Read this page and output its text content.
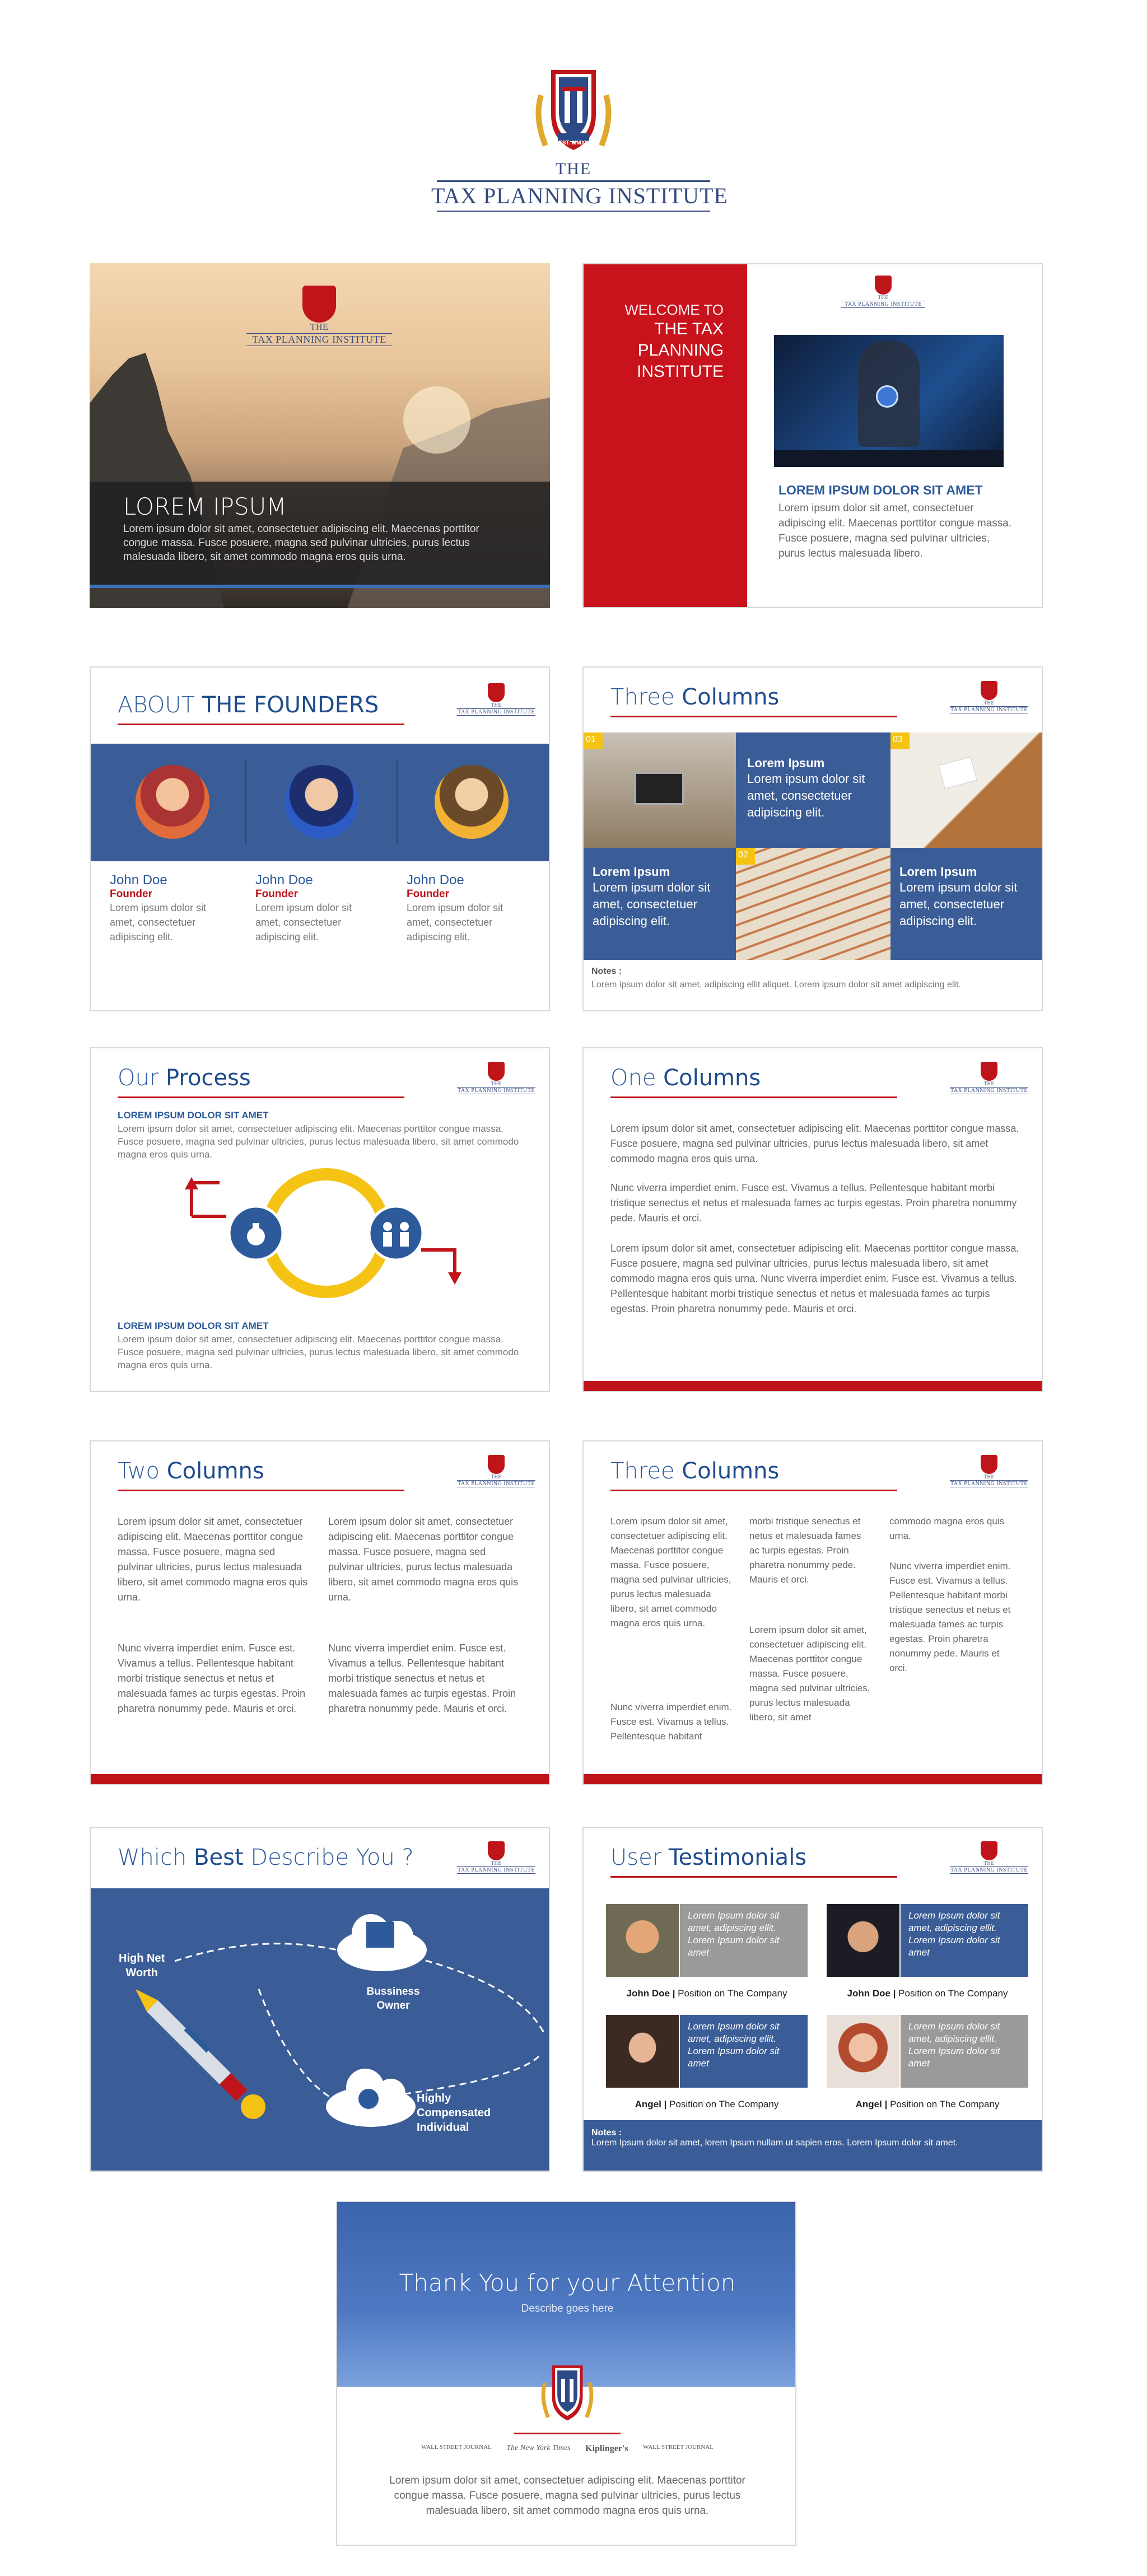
EST. MMXV
THE
TAX PLANNING INSTITUTE
THE
TAX PLANNING INSTITUTE
LOREM IPSUM

Lorem ipsum dolor sit amet, consectetuer adipiscing elit. Maecenas porttitor congue massa. Fusce posuere, magna sed pulvinar ultricies, purus lectus malesuada libero, sit amet commodo magna eros quis urna.

WELCOME TO
THE TAX
PLANNING
INSTITUTE
THE
TAX PLANNING INSTITUTE
LOREM IPSUM DOLOR SIT AMET

Lorem ipsum dolor sit amet, consectetuer adipiscing elit. Maecenas porttitor congue massa. Fusce posuere, magna sed pulvinar ultricies, purus lectus malesuada libero.

ABOUT THE FOUNDERS	THE
TAX PLANNING INSTITUTE
John Doe
Founder
Lorem ipsum dolor sit amet, consectetuer adipiscing elit.
John Doe
Founder
Lorem ipsum dolor sit amet, consectetuer adipiscing elit.
John Doe
Founder
Lorem ipsum dolor sit amet, consectetuer adipiscing elit.
Three Columns	THE
TAX PLANNING INSTITUTE
01
Lorem Ipsum
Lorem ipsum dolor sit amet, consectetuer adipiscing elit.
03
Lorem Ipsum
Lorem ipsum dolor sit amet, consectetuer adipiscing elit.
02
Lorem Ipsum
Lorem ipsum dolor sit amet, consectetuer adipiscing elit.
Notes :
Lorem ipsum dolor sit amet, adipiscing ellit aliquet. Lorem ipsum dolor sit amet adipiscing elit.
Our Process	THE
TAX PLANNING INSTITUTE
LOREM IPSUM DOLOR SIT AMET
Lorem ipsum dolor sit amet, consectetuer adipiscing elit. Maecenas porttitor congue massa. Fusce posuere, magna sed pulvinar ultricies, purus lectus malesuada libero, sit amet commodo magna eros quis urna.
LOREM IPSUM DOLOR SIT AMET
Lorem ipsum dolor sit amet, consectetuer adipiscing elit. Maecenas porttitor congue massa. Fusce posuere, magna sed pulvinar ultricies, purus lectus malesuada libero, sit amet commodo magna eros quis urna.
One Columns	THE
TAX PLANNING INSTITUTE
Lorem ipsum dolor sit amet, consectetuer adipiscing elit. Maecenas porttitor congue massa. Fusce posuere, magna sed pulvinar ultricies, purus lectus malesuada libero, sit amet commodo magna eros quis urna.
Nunc viverra imperdiet enim. Fusce est. Vivamus a tellus. Pellentesque habitant morbi tristique senectus et netus et malesuada fames ac turpis egestas. Proin pharetra nonummy pede. Mauris et orci.
Lorem ipsum dolor sit amet, consectetuer adipiscing elit. Maecenas porttitor congue massa. Fusce posuere, magna sed pulvinar ultricies, purus lectus malesuada libero, sit amet commodo magna eros quis urna. Nunc viverra imperdiet enim. Fusce est. Vivamus a tellus. Pellentesque habitant morbi tristique senectus et netus et malesuada fames ac turpis egestas. Proin pharetra nonummy pede. Mauris et orci.
Two Columns	THE
TAX PLANNING INSTITUTE
Lorem ipsum dolor sit amet, consectetuer adipiscing elit. Maecenas porttitor congue massa. Fusce posuere, magna sed pulvinar ultricies, purus lectus malesuada libero, sit amet commodo magna eros quis urna.
Nunc viverra imperdiet enim. Fusce est. Vivamus a tellus. Pellentesque habitant morbi tristique senectus et netus et malesuada fames ac turpis egestas. Proin pharetra nonummy pede. Mauris et orci.
Lorem ipsum dolor sit amet, consectetuer adipiscing elit. Maecenas porttitor congue massa. Fusce posuere, magna sed pulvinar ultricies, purus lectus malesuada libero, sit amet commodo magna eros quis urna.
Nunc viverra imperdiet enim. Fusce est. Vivamus a tellus. Pellentesque habitant morbi tristique senectus et netus et malesuada fames ac turpis egestas. Proin pharetra nonummy pede. Mauris et orci.
Three Columns	THE
TAX PLANNING INSTITUTE
Lorem ipsum dolor sit amet, consectetuer adipiscing elit. Maecenas porttitor congue massa. Fusce posuere, magna sed pulvinar ultricies, purus lectus malesuada libero, sit amet commodo magna eros quis urna.
Nunc viverra imperdiet enim. Fusce est. Vivamus a tellus. Pellentesque habitant
morbi tristique senectus et netus et malesuada fames ac turpis egestas. Proin pharetra nonummy pede. Mauris et orci.
Lorem ipsum dolor sit amet, consectetuer adipiscing elit. Maecenas porttitor congue massa. Fusce posuere, magna sed pulvinar ultricies, purus lectus malesuada libero, sit amet
commodo magna eros quis urna.
Nunc viverra imperdiet enim. Fusce est. Vivamus a tellus. Pellentesque habitant morbi tristique senectus et netus et malesuada fames ac turpis egestas. Proin pharetra nonummy pede. Mauris et orci.
Which Best Describe You ?	THE
TAX PLANNING INSTITUTE
High Net
Worth
Bussiness
Owner
Highly
Compensated
Individual
User Testimonials	THE
TAX PLANNING INSTITUTE
Lorem Ipsum dolor sit amet, adipiscing ellit. Lorem Ipsum dolor sit amet
John Doe | Position on The Company
Lorem Ipsum dolor sit amet, adipiscing ellit. Lorem Ipsum dolor sit amet
John Doe | Position on The Company
Lorem Ipsum dolor sit amet, adipiscing ellit. Lorem Ipsum dolor sit amet
Angel | Position on The Company
Lorem Ipsum dolor sit amet, adipiscing ellit. Lorem Ipsum dolor sit amet
Angel | Position on The Company
Notes :
Lorem Ipsum dolor sit amet, lorem Ipsum nullam ut sapien eros. Lorem Ipsum dolor sit amet.
Thank You for your Attention
Describe goes here
WALL STREET JOURNAL The New York Times Kiplinger's WALL STREET JOURNAL
Lorem ipsum dolor sit amet, consectetuer adipiscing elit. Maecenas porttitor congue massa. Fusce posuere, magna sed pulvinar ultricies, purus lectus malesuada libero, sit amet commodo magna eros quis urna.
